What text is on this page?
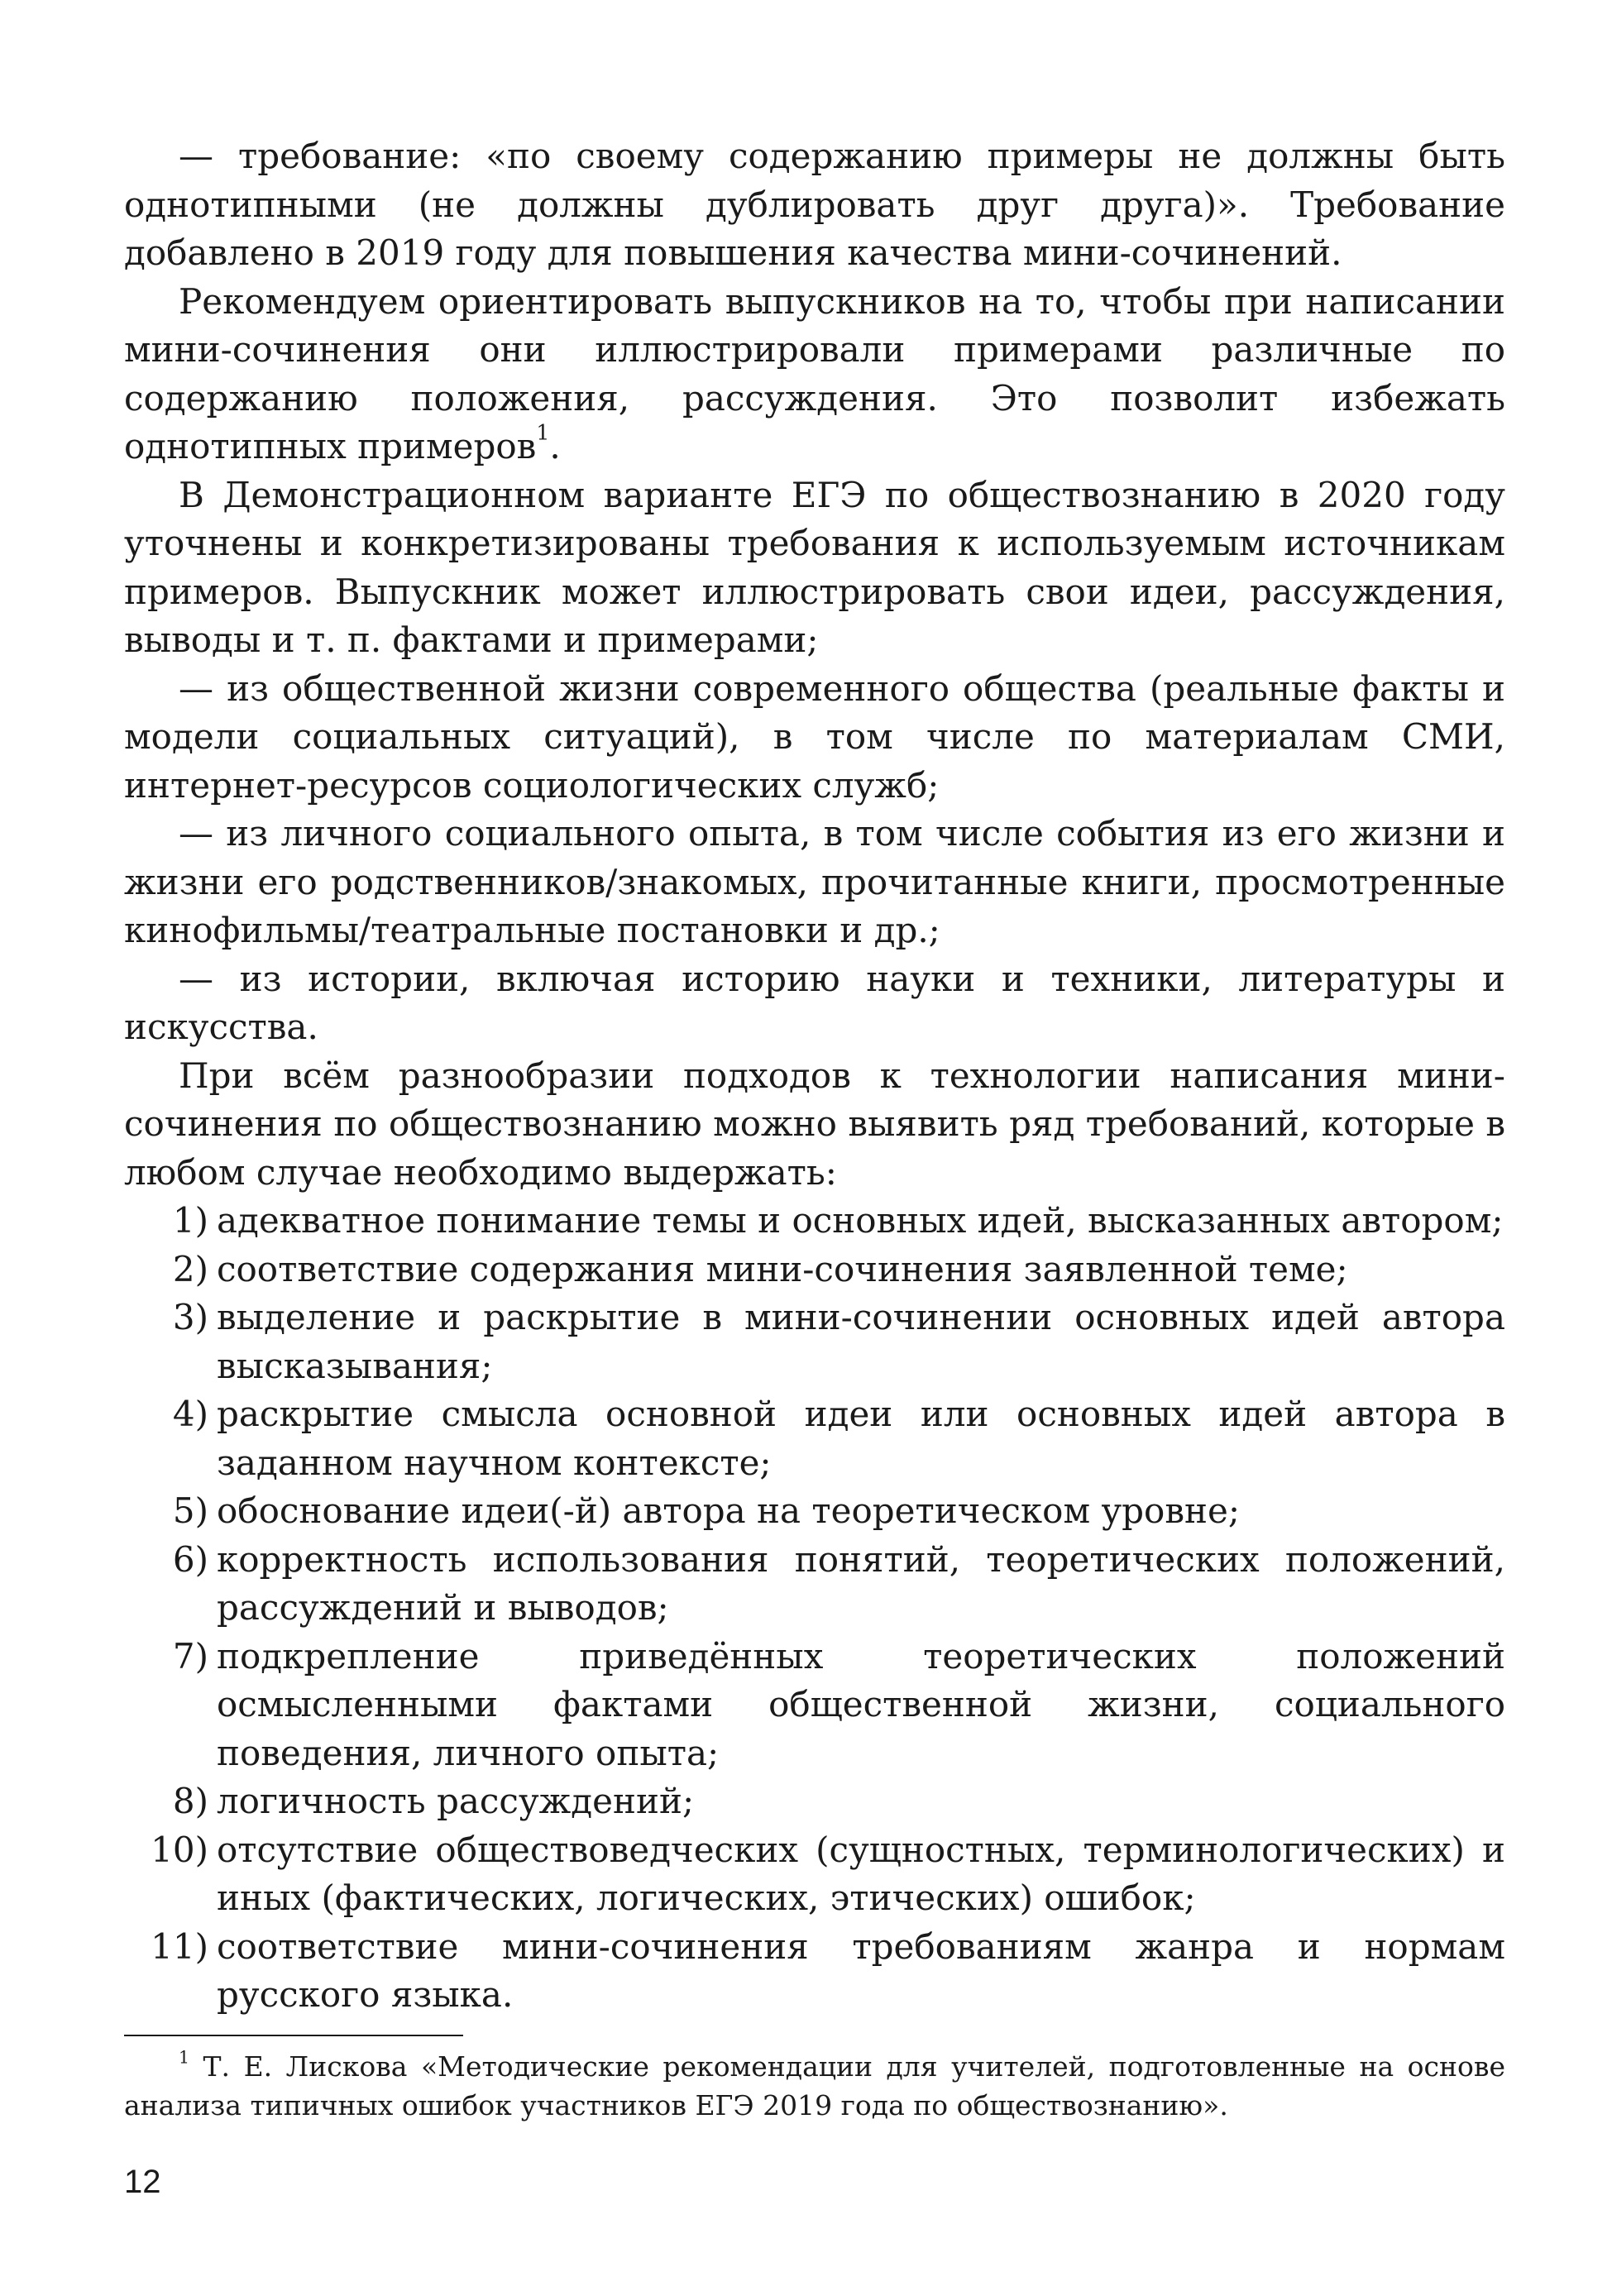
— требование: «по своему содержанию примеры не должны быть однотипными (не должны дублировать друг друга)». Требование добавлено в 2019 году для повышения качества мини-сочинений.

Рекомендуем ориентировать выпускников на то, чтобы при написании мини-сочинения они иллюстрировали примерами различные по содержанию положения, рассуждения. Это позволит избежать однотипных примеров$^1$.

В Демонстрационном варианте ЕГЭ по обществознанию в 2020 году уточнены и конкретизированы требования к используемым источникам примеров. Выпускник может иллюстрировать свои идеи, рассуждения, выводы и т. п. фактами и примерами;

— из общественной жизни современного общества (реальные факты и модели социальных ситуаций), в том числе по материалам СМИ, интернет-ресурсов социологических служб;

— из личного социального опыта, в том числе события из его жизни и жизни его родственников/знакомых, прочитанные книги, просмотренные кинофильмы/театральные постановки и др.;

— из истории, включая историю науки и техники, литературы и искусства.

При всём разнообразии подходов к технологии написания мини-сочинения по обществознанию можно выявить ряд требований, которые в любом случае необходимо выдержать:

1) адекватное понимание темы и основных идей, высказанных автором;
2) соответствие содержания мини-сочинения заявленной теме;
3) выделение и раскрытие в мини-сочинении основных идей автора высказывания;
4) раскрытие смысла основной идеи или основных идей автора в заданном научном контексте;
5) обоснование идеи(-й) автора на теоретическом уровне;
6) корректность использования понятий, теоретических положений, рассуждений и выводов;
7) подкрепление приведённых теоретических положений осмысленными фактами общественной жизни, социального поведения, личного опыта;
8) логичность рассуждений;
10) отсутствие обществоведческих (сущностных, терминологических) и иных (фактических, логических, этических) ошибок;
11) соответствие мини-сочинения требованиям жанра и нормам русского языка.

$^1$ Т. Е. Лискова «Методические рекомендации для учителей, подготовленные на основе анализа типичных ошибок участников ЕГЭ 2019 года по обществознанию».

12
